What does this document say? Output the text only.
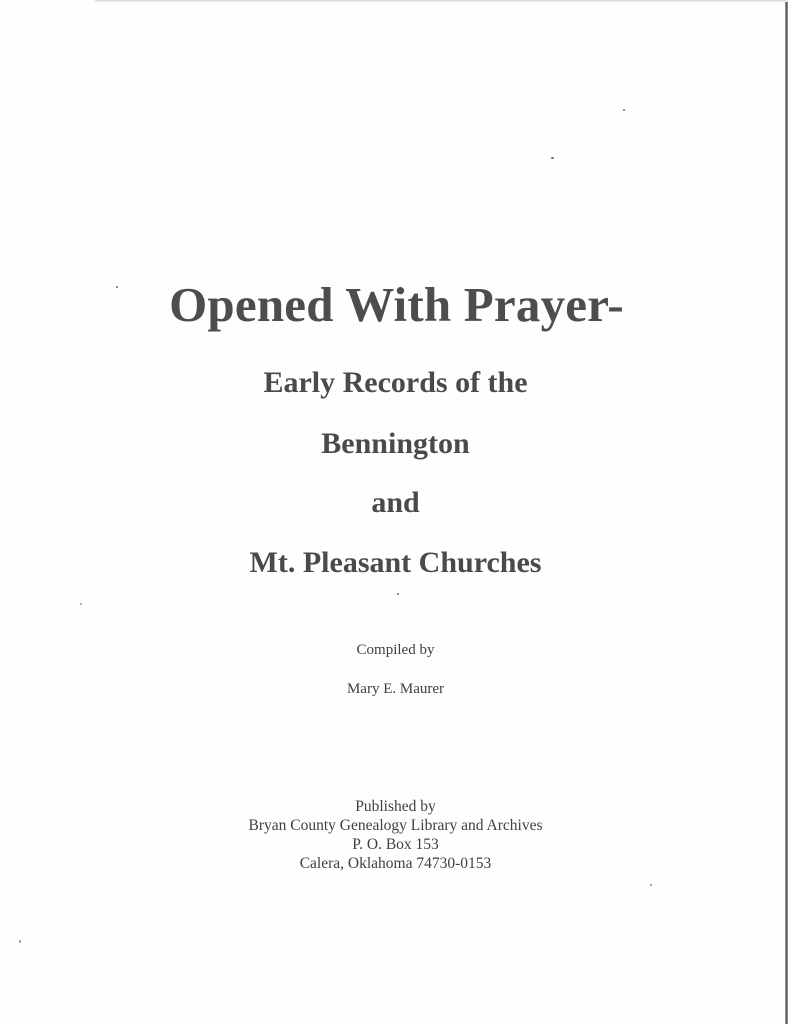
Opened With Prayer-
Early Records of the
Bennington
and
Mt. Pleasant Churches
Compiled by
Mary E. Maurer
Published by
Bryan County Genealogy Library and Archives
P. O. Box 153
Calera, Oklahoma 74730-0153
